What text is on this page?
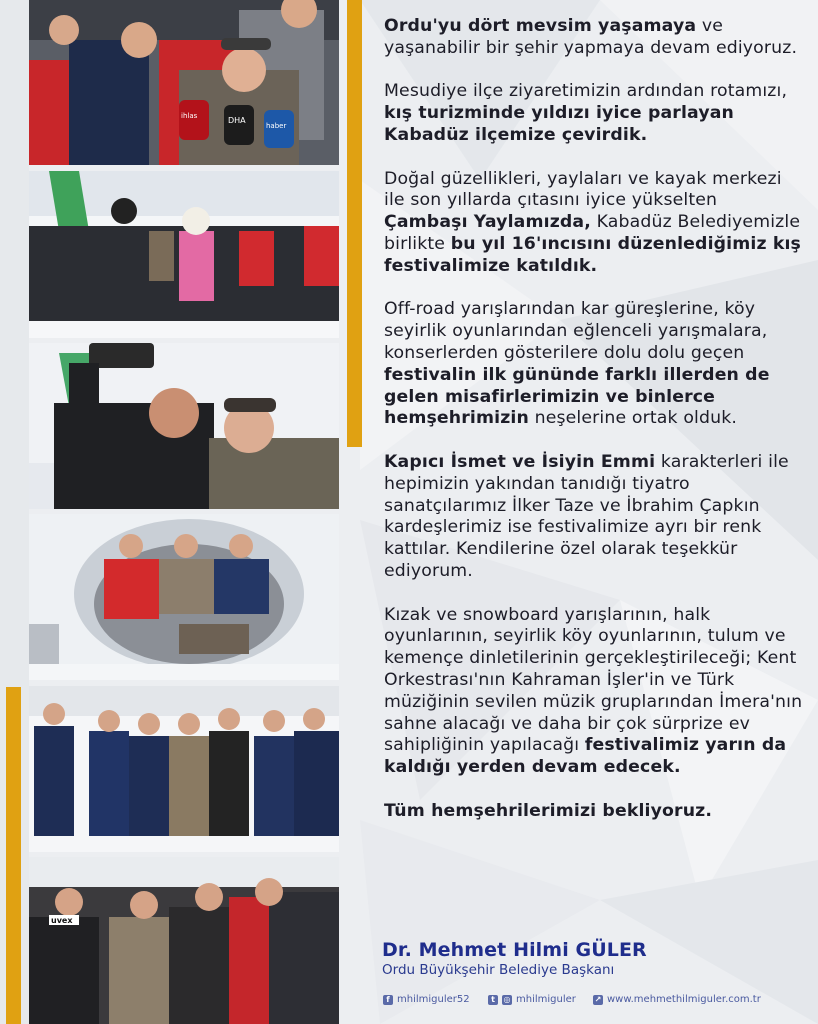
ihlas	DHA
haber
uvex

Ordu'yu dört mevsim yaşamaya ve yaşanabilir bir şehir yapmaya devam ediyoruz.

Mesudiye ilçe ziyaretimizin ardından rotamızı, kış turizminde yıldızı iyice parlayan Kabadüz ilçemize çevirdik.

Doğal güzellikleri, yaylaları ve kayak merkezi ile son yıllarda çıtasını iyice yükselten Çambaşı Yaylamızda, Kabadüz Belediyemizle birlikte bu yıl 16'ıncısını düzenlediğimiz kış festivalimize katıldık.

Off-road yarışlarından kar güreşlerine, köy seyirlik oyunlarından eğlenceli yarışmalara, konserlerden gösterilere dolu dolu geçen festivalin ilk gününde farklı illerden de gelen misafirlerimizin ve binlerce hemşehrimizin neşelerine ortak olduk.

Kapıcı İsmet ve İsiyin Emmi karakterleri ile hepimizin yakından tanıdığı tiyatro sanatçılarımız İlker Taze ve İbrahim Çapkın kardeşlerimiz ise festivalimize ayrı bir renk kattılar. Kendilerine özel olarak teşekkür ediyorum.

Kızak ve snowboard yarışlarının, halk oyunlarının, seyirlik köy oyunlarının, tulum ve kemençe dinletilerinin gerçekleştirileceği; Kent Orkestrası'nın Kahraman İşler'in ve Türk müziğinin sevilen müzik gruplarından İmera'nın sahne alacağı ve daha bir çok sürprize ev sahipliğinin yapılacağı festivalimiz yarın da kaldığı yerden devam edecek.

Tüm hemşehrilerimizi bekliyoruz.

Dr. Mehmet Hilmi GÜLER
Ordu Büyükşehir Belediye Başkanı
f mhilmiguler52	t	◎ mhilmiguler ↗ www.mehmethilmiguler.com.tr
